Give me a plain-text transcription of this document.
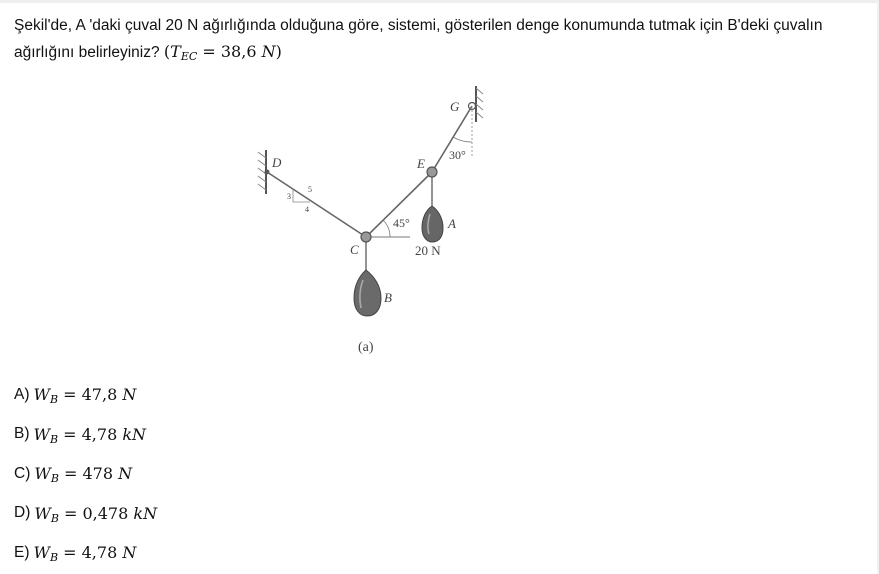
Şekil'de, A 'daki çuval 20 N ağırlığında olduğuna göre, sistemi, gösterilen denge konumunda tutmak için B'deki çuvalın ağırlığını belirleyiniz? ($T_{EC} = 38,6$ N)
D	E
G
C
A
B
45°
30°
20 N
3
4
5
(a)
A) $W_B = 47,8$ N
B) $W_B = 4,78$ kN
C) $W_B = 478$ N
D) $W_B = 0,478$ kN
E) $W_B = 4,78$ N
